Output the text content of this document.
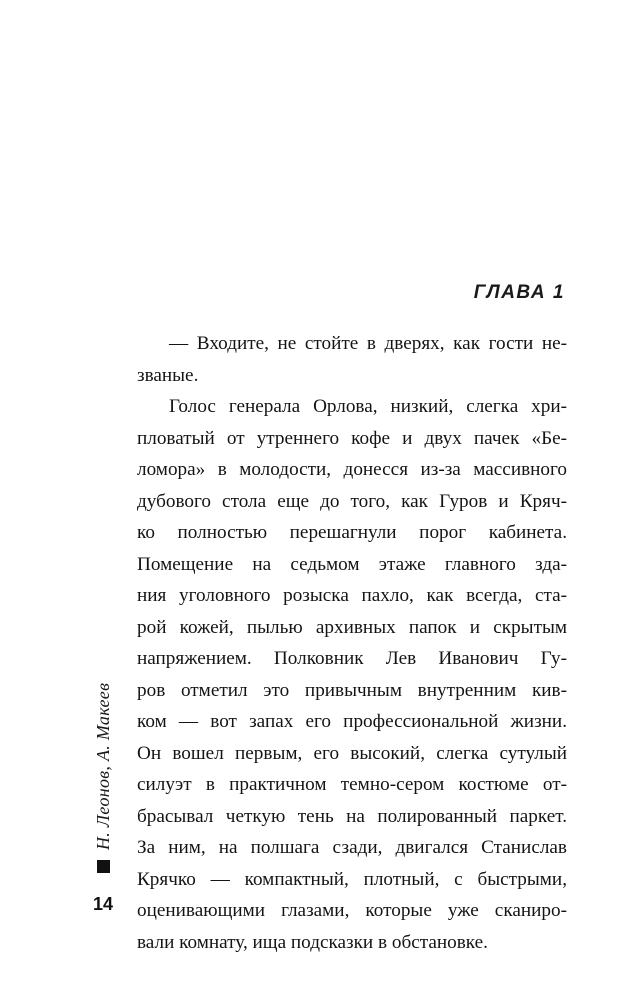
ГЛАВА 1
— Входите, не стойте в дверях, как гости не-
званые.
Голос генерала Орлова, низкий, слегка хри-
пловатый от утреннего кофе и двух пачек «Бе-
ломора» в молодости, донесся из-за массивного
дубового стола еще до того, как Гуров и Кряч-
ко полностью перешагнули порог кабинета.
Помещение на седьмом этаже главного зда-
ния уголовного розыска пахло, как всегда, ста-
рой кожей, пылью архивных папок и скрытым
напряжением. Полковник Лев Иванович Гу-
ров отметил это привычным внутренним кив-
ком — вот запах его профессиональной жизни.
Он вошел первым, его высокий, слегка сутулый
силуэт в практичном темно-сером костюме от-
брасывал четкую тень на полированный паркет.
За ним, на полшага сзади, двигался Станислав
Крячко — компактный, плотный, с быстрыми,
оценивающими глазами, которые уже сканиро-
вали комнату, ища подсказки в обстановке.
Н. Леонов, А. Макеев
14
